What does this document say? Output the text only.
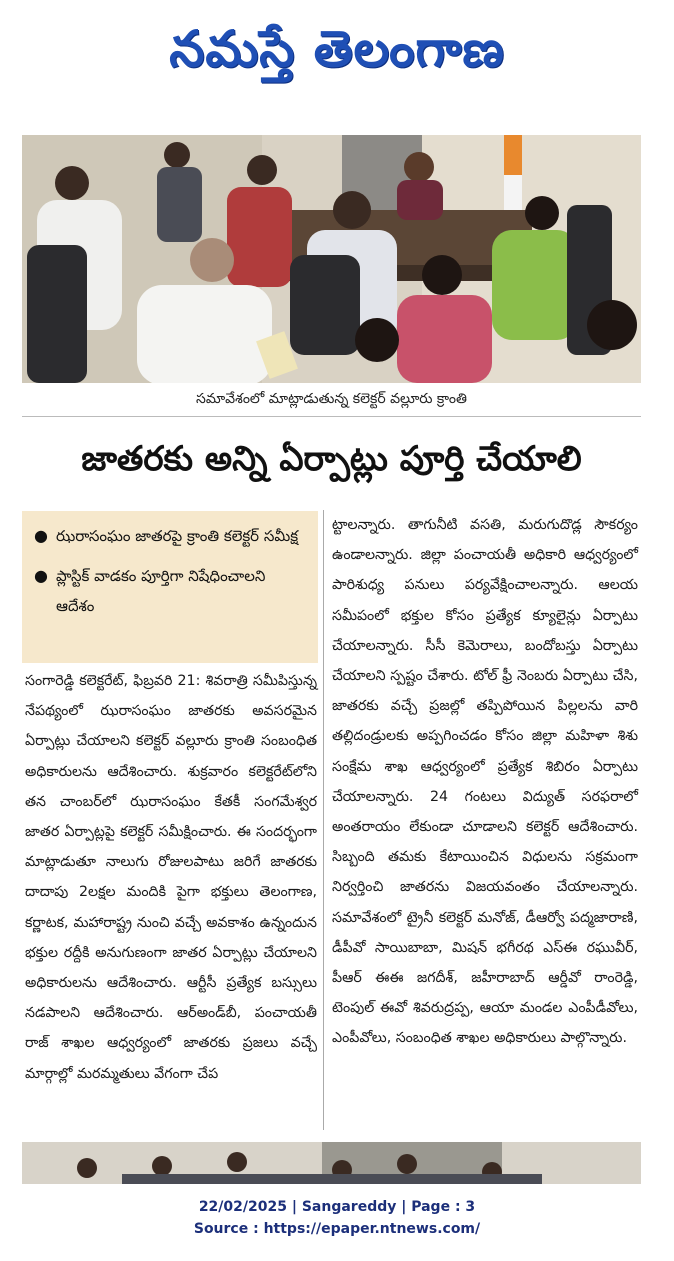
నమస్తే తెలంగాణ
సమావేశంలో మాట్లాడుతున్న కలెక్టర్‌ వల్లూరు క్రాంతి
జాతరకు అన్ని ఏర్పాట్లు పూర్తి చేయాలి
● ఝరాసంఘం జాతరపై క్రాంతి కలెక్టర్‌ సమీక్ష
● ప్లాస్టిక్‌ వాడకం పూర్తిగా నిషేధించాలని ఆదేశం
సంగారెడ్డి కలెక్టరేట్‌, ఫిబ్రవరి 21: శివరాత్రి సమీపిస్తున్న నేపథ్యంలో ఝరాసంఘం జాతరకు అవసరమైన ఏర్పాట్లు చేయాలని కలెక్టర్‌ వల్లూరు క్రాంతి సంబంధిత అధికారులను ఆదేశించారు. శుక్రవారం కలెక్టరేట్‌లోని తన చాంబర్‌లో ఝరాసంఘం కేతకీ సంగమేశ్వర జాతర ఏర్పాట్లపై కలెక్టర్‌ సమీక్షించారు. ఈ సందర్భంగా మాట్లాడుతూ నాలుగు రోజులపాటు జరిగే జాతరకు దాదాపు 2లక్షల మందికి పైగా భక్తులు తెలంగాణ, కర్ణాటక, మహారాష్ట్ర నుంచి వచ్చే అవకాశం ఉన్నందున భక్తుల రద్దీకి అనుగుణంగా జాతర ఏర్పాట్లు చేయాలని అధికారులను ఆదేశించారు. ఆర్టీసీ ప్రత్యేక బస్సులు నడపాలని ఆదేశించారు. ఆర్‌అండ్‌బీ, పంచాయతీ రాజ్‌ శాఖల ఆధ్వర్యంలో జాతరకు ప్రజలు వచ్చే మార్గాల్లో మరమ్మతులు వేగంగా చేప
ట్టాలన్నారు. తాగునీటి వసతి, మరుగుదొడ్ల సౌకర్యం ఉండాలన్నారు. జిల్లా పంచాయతీ అధికారి ఆధ్వర్యంలో పారిశుధ్య పనులు పర్యవేక్షించాలన్నారు. ఆలయ సమీపంలో భక్తుల కోసం ప్రత్యేక క్యూలైన్లు ఏర్పాటు చేయాలన్నారు. సీసీ కెమెరాలు, బందోబస్తు ఏర్పాటు చేయాలని స్పష్టం చేశారు. టోల్‌ ఫ్రీ నెంబరు ఏర్పాటు చేసి, జాతరకు వచ్చే ప్రజల్లో తప్పిపోయిన పిల్లలను వారి తల్లిదండ్రులకు అప్పగించడం కోసం జిల్లా మహిళా శిశు సంక్షేమ శాఖ ఆధ్వర్యంలో ప్రత్యేక శిబిరం ఏర్పాటు చేయాలన్నారు. 24 గంటలు విద్యుత్‌ సరఫరాలో అంతరాయం లేకుండా చూడాలని కలెక్టర్‌ ఆదేశించారు. సిబ్బంది తమకు కేటాయించిన విధులను సక్రమంగా నిర్వర్తించి జాతరను విజయవంతం చేయాలన్నారు. సమావేశంలో ట్రైనీ కలెక్టర్‌ మనోజ్‌, డీఆర్వో పద్మజారాణి, డీపీవో సాయిబాబా, మిషన్‌ భగీరథ ఎస్‌ఈ రఘువీర్‌, పీఆర్‌ ఈఈ జగదీశ్‌, జహీరాబాద్‌ ఆర్డీవో రాంరెడ్డి, టెంపుల్‌ ఈవో శివరుద్రప్ప, ఆయా మండల ఎంపీడీవోలు, ఎంపీవోలు, సంబంధిత శాఖల అధికారులు పాల్గొన్నారు.
22/02/2025 | Sangareddy | Page : 3
Source : https://epaper.ntnews.com/
